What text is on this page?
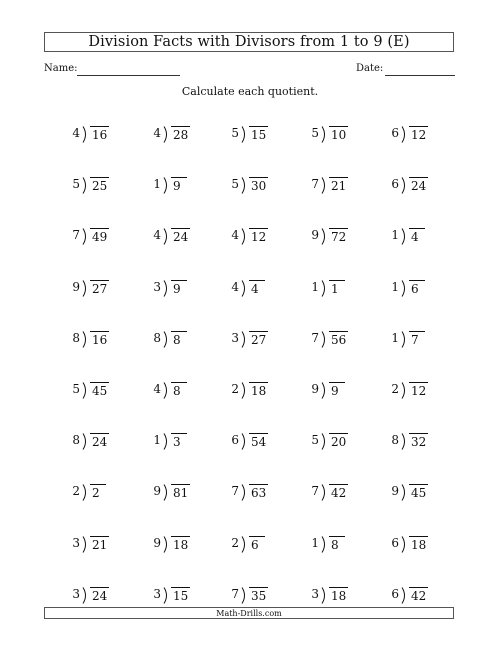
Division Facts with Divisors from 1 to 9 (E)
Name:	Date:
Calculate each quotient.
4 16	4 28	5 15	5 10	6 12
5 25	1 9	5 30	7 21	6 24
7 49	4 24	4 12	9 72	1 4
9 27	3 9	4 4	1 1	1 6
8 16	8 8	3 27	7 56	1 7
5 45	4 8	2 18	9 9	2 12
8 24	1 3	6 54	5 20	8 32
2 2	9 81	7 63	7 42	9 45
3 21	9 18	2 6	1 8	6 18
3 24	3 15	7 35	3 18	6 42
Math-Drills.com
